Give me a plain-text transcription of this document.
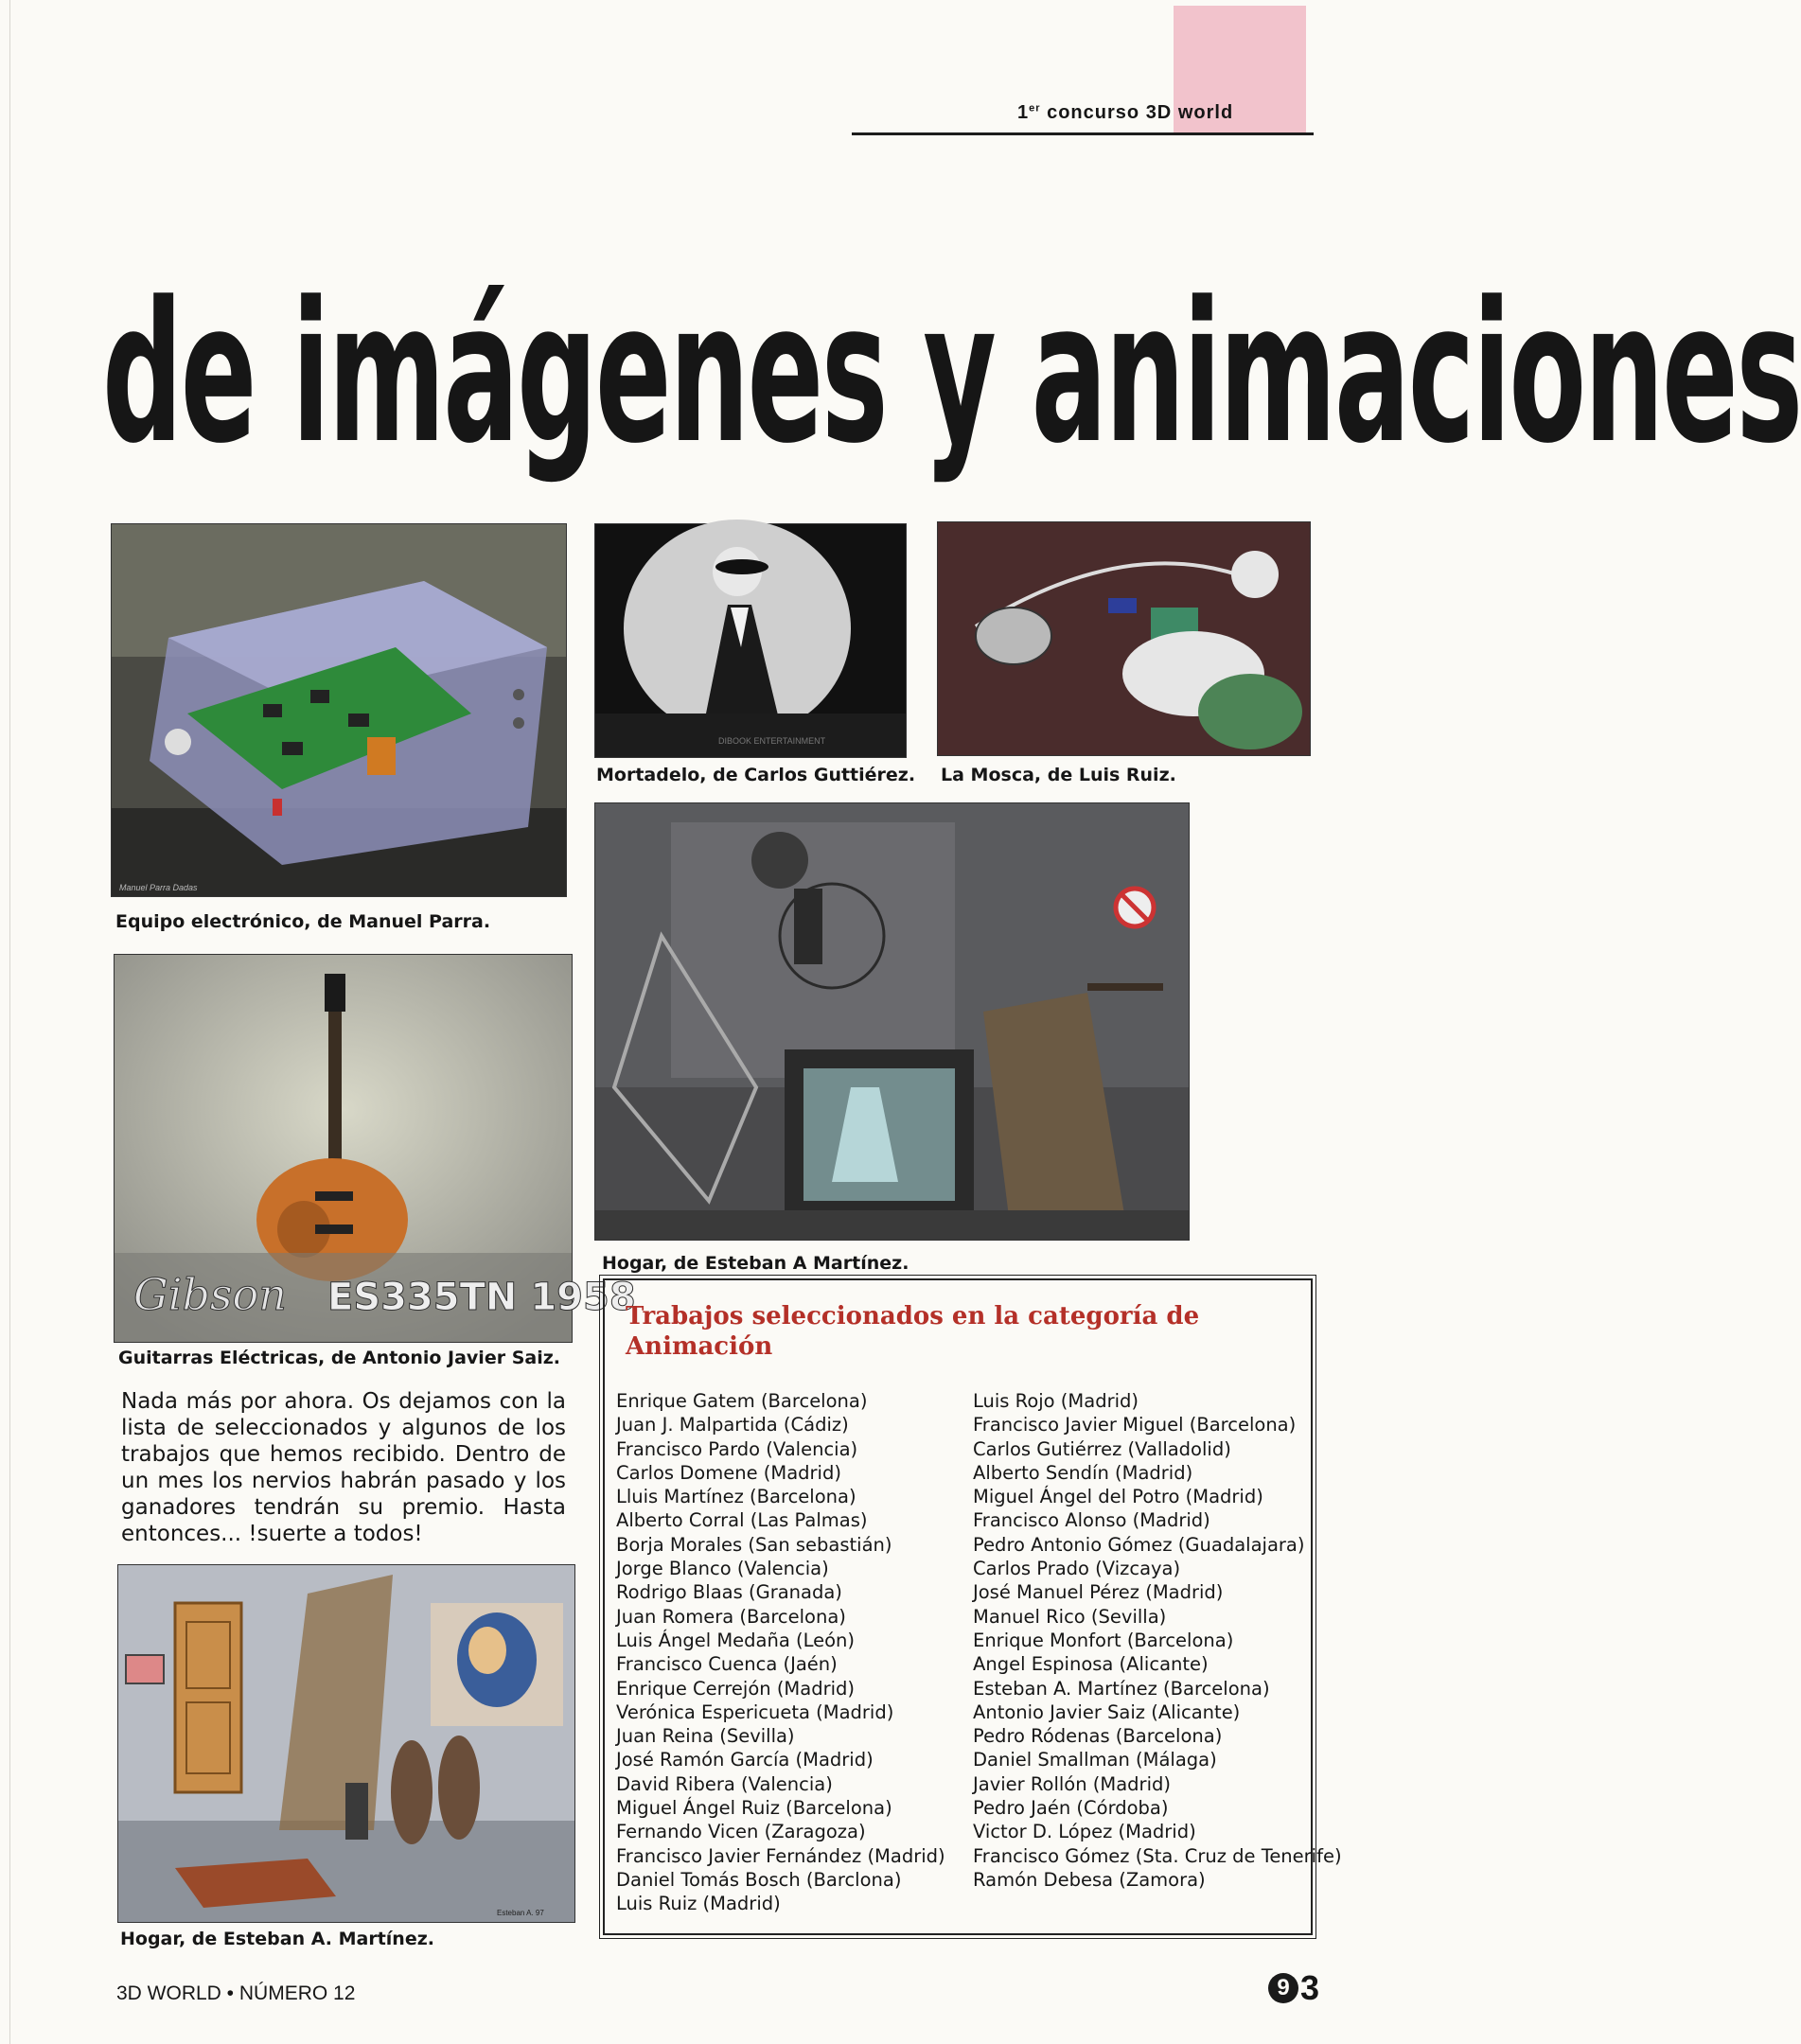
1er concurso 3D world
de imágenes y animaciones
Manuel Parra Dadas
Equipo electrónico, de Manuel Parra.
DIBOOK ENTERTAINMENT
Mortadelo, de Carlos Guttiérez. La Mosca, de Luis Ruiz.
Hogar, de Esteban A Martínez.
Gibson ES335TN 1958
Guitarras Eléctricas, de Antonio Javier Saiz.
Nada más por ahora. Os dejamos con la lista de seleccionados y algunos de los trabajos que hemos recibido. Dentro de un mes los nervios habrán pasado y los ganadores tendrán su premio. Hasta entonces... !suerte a todos!
Esteban A. 97
Hogar, de Esteban A. Martínez.
Trabajos seleccionados en la categoría de Animación
Enrique Gatem (Barcelona)
Juan J. Malpartida (Cádiz)
Francisco Pardo (Valencia)
Carlos Domene (Madrid)
Lluis Martínez (Barcelona)
Alberto Corral (Las Palmas)
Borja Morales (San sebastián)
Jorge Blanco (Valencia)
Rodrigo Blaas (Granada)
Juan Romera (Barcelona)
Luis Ángel Medaña (León)
Francisco Cuenca (Jaén)
Enrique Cerrejón (Madrid)
Verónica Espericueta (Madrid)
Juan Reina (Sevilla)
José Ramón García (Madrid)
David Ribera (Valencia)
Miguel Ángel Ruiz (Barcelona)
Fernando Vicen (Zaragoza)
Francisco Javier Fernández (Madrid)
Daniel Tomás Bosch (Barclona)
Luis Ruiz (Madrid)
Luis Rojo (Madrid)
Francisco Javier Miguel (Barcelona)
Carlos Gutiérrez (Valladolid)
Alberto Sendín (Madrid)
Miguel Ángel del Potro (Madrid)
Francisco Alonso (Madrid)
Pedro Antonio Gómez (Guadalajara)
Carlos Prado (Vizcaya)
José Manuel Pérez (Madrid)
Manuel Rico (Sevilla)
Enrique Monfort (Barcelona)
Angel Espinosa (Alicante)
Esteban A. Martínez (Barcelona)
Antonio Javier Saiz (Alicante)
Pedro Ródenas (Barcelona)
Daniel Smallman (Málaga)
Javier Rollón (Madrid)
Pedro Jaén (Córdoba)
Victor D. López (Madrid)
Francisco Gómez (Sta. Cruz de Tenerife)
Ramón Debesa (Zamora)
3D WORLD • NÚMERO 12	9 3
